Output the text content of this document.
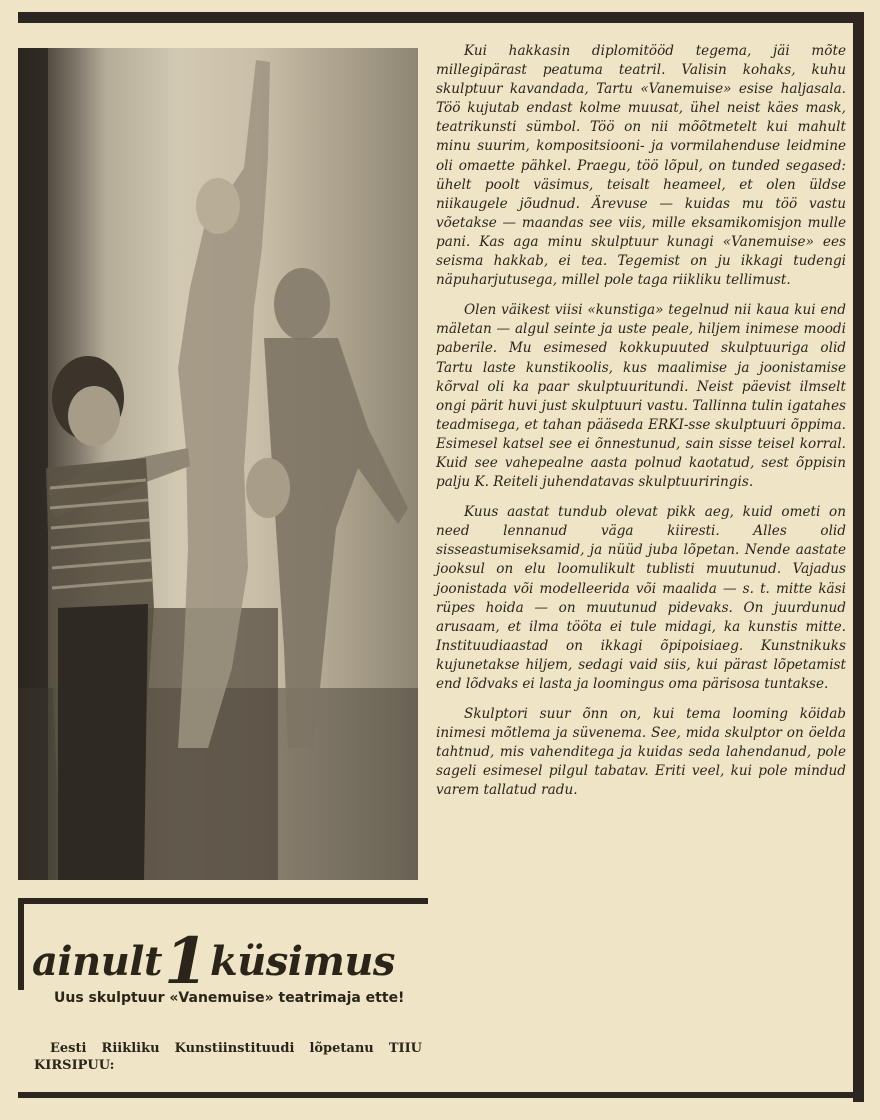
Kui hakkasin diplomitööd tegema, jäi mõte millegipärast peatuma teatril. Valisin kohaks, kuhu skulptuur kavandada, Tartu «Vanemuise» esise haljasala. Töö kujutab endast kolme muusat, ühel neist käes mask, teatrikunsti sümbol. Töö on nii mõõtmetelt kui mahult minu suurim, kompositsiooni- ja vormilahenduse leidmine oli omaette pähkel. Praegu, töö lõpul, on tunded segased: ühelt poolt väsimus, teisalt heameel, et olen üldse niikaugele jõudnud. Ärevuse — kuidas mu töö vastu võetakse — maandas see viis, mille eksamikomisjon mulle pani. Kas aga minu skulptuur kunagi «Vanemuise» ees seisma hakkab, ei tea. Tegemist on ju ikkagi tudengi näpuharjutusega, millel pole taga riikliku tellimust.

Olen väikest viisi «kunstiga» tegelnud nii kaua kui end mäletan — algul seinte ja uste peale, hiljem inimese moodi paberile. Mu esimesed kokkupuuted skulptuuriga olid Tartu laste kunstikoolis, kus maalimise ja joonistamise kõrval oli ka paar skulptuuritundi. Neist päevist ilmselt ongi pärit huvi just skulptuuri vastu. Tallinna tulin igatahes teadmisega, et tahan pääseda ERKI-sse skulptuuri õppima. Esimesel katsel see ei õnnestunud, sain sisse teisel korral. Kuid see vahepealne aasta polnud kaotatud, sest õppisin palju K. Reiteli juhendatavas skulptuuriringis.

Kuus aastat tundub olevat pikk aeg, kuid ometi on need lennanud väga kiiresti. Alles olid sisseastumiseksamid, ja nüüd juba lõpetan. Nende aastate jooksul on elu loomulikult tublisti muutunud. Vajadus joonistada või modelleerida või maalida — s. t. mitte käsi rüpes hoida — on muutunud pidevaks. On juurdunud arusaam, et ilma tööta ei tule midagi, ka kunstis mitte. Instituudiaastad on ikkagi õpipoisiaeg. Kunstnikuks kujunetakse hiljem, sedagi vaid siis, kui pärast lõpetamist end lõdvaks ei lasta ja loomingus oma pärisosa tuntakse.

Skulptori suur õnn on, kui tema looming köidab inimesi mõtlema ja süvenema. See, mida skulptor on öelda tahtnud, mis vahenditega ja kuidas seda lahendanud, pole sageli esimesel pilgul tabatav. Eriti veel, kui pole mindud varem tallatud radu.

ainult1küsimus
Uus skulptuur «Vanemuise» teatrimaja ette!
Eesti Riikliku Kunstiinstituudi lõpetanu TIIU KIRSIPUU:
